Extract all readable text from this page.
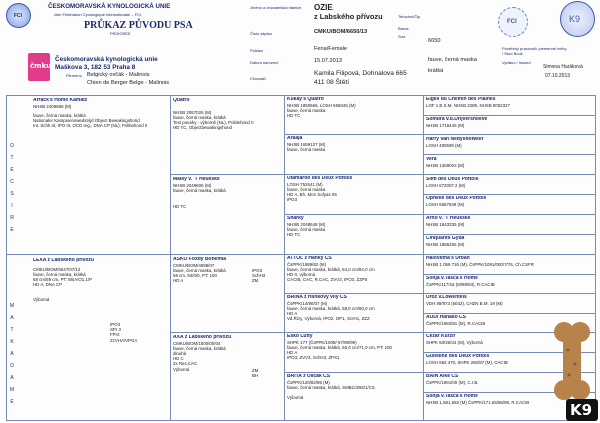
FCI
ČESKOMORAVSKÁ KYNOLOGICKÁ UNIE
člen Fédération Cynologique Internationale – FCI
PRŮKAZ PŮVODU PSA
PEDIGREE
čmku
Českomoravská kynologická unie
Maškova 3, 182 53 Praha 8
Plemeno Belgický ovčák - Malinois
Chien de Berger Belge - Malinois
Jméno a chovatelská stanice	OZIE
z Labského přívozu
Číslo zápisu	CMKU/BOM/6650/13
Pohlaví	Fena/Female
Datum narození	15.07.2013
Chovatel
Kamila Filipová, Dohnalova 665
411 08 Štětí
Tetování/Čip
6650
Barva
fauve, černá maska
Srst
krátká
FCI	K9
Pověřený pracovník plemenné knihy / Stud Book
Vydáno / Issued
Simona Haráková
07.10.2013
O
T
E
C
S
I
R
E
M
A
T
K
A
D
A
M
E
Arrack's Home Kamatz
NHSB 2409696 (M)
fauve, černá maska, krátká
Nationaler Kampioenswedstrijd Object Bewakingshond
Int. Schh.III, IPO III, OCD reg., DNA CP (NL), Politiehond II
Quatro
NHSB 2057025 (M)
fauve, černá maska, krátká
Test povahy - výborně (NL), Politiehond II
HD TC, Objectbewakingshond
Maiky v. 'T Heukske
NHSB 2049606 (M)
fauve, černá maska, krátká

HD TC
Kukay's Quatro
NHSB 1850566, LOSH 655046 (M)
fauve, černá maska
HD TC
Araaja
NHSB 1659127 (M)
fauve, černá maska
Utamaroo des Deux Pottois
LOSH 752641 (M)
fauve, černá maska
HD A, Bh, Mon Sofyas 05
IPO3
Sharky
NHSB 2048648 (M)
fauve, černá maska
HD TC
Elges du Chemin des Plaines
LOF 1 B.S.M. NHSB 2289, NHSB 8002327
Sombra v.d.Drijvershoeve
NHSB 1716445 (M)
Harry van Nedyshofwolf
LOSH 480599 (M)
Vera
NHSB 1369003 (M)
Slim des Deux Pottois
LOSH 672007 2 (M)
Ophelie des Deux Pottois
LOSH 6557848 (M)
Arno v. 'T Heukske
NHSB 1843335 (M)
Cinquants Gyba
NHSB 1865265 (M)
LEXA z Labského přívozu
CMKU/BOM/5547/07/12
fauve, černá maska, krátká
58 cm/59 cm, PT: 86/A/O1,1/P
HD A, DNA CP
Výborná
IPO3
SPr 3
FPr2
ZzVHA/VPGA
ASKO Foxdy Bohemia
CMKU/BOM/4998/07
fauve, černá maska, krátká
59 cm, 84/0/0, PT: 100
HD A
IPO3
SchH3
ZM
AXA z Labského přívozu
CMKU/BOM/1500/00/04
fauve, černá maska, krátká
dlouhá
HD C
2x Res.CAC
Výborná	ZM
BH
ATTOL z Hanky CS
ČsPPK/1989/82 (M)
fauve, černá maska, krátká, 64,0 cm/84,0 cm
HD 0, výborná
CACIB, CAC, R.CAC, ZVV3, IPO3, ZZP5
BRINA z Hlinkovy vily CS
ČsPPK/14/90/07 (M)
fauve, černá maska, krátká, 58,0 cm/60,0 cm
HD A
Vd.Řízy, Výborná, IPO2, OP1, ScrH1, ZZZ
Esko Lufty
SHPK 177 (ČsPPK/1009/-97/99/99)
fauve, černá maska, krátká, 65,0 cm/71,0 cm, PT: 100
HD A
IPO3, ZVV3, SchH3, ZPS1
BRITA z Uličák CS
ČsPPK/120/82/96 (M)
fauve, černá maska, krátká, SMB1/3/65/1/CS

Výborná
Halovetha's Urban
NHSB 1 059 726 (M), ČsPPK/1091/000/7/76, Ch.CSFR
Sonja v.Tasca's Home
ČsPPK/117/16 (M/89/93), R.CACIB
Uroz v.Lowenfels
VDH 89/973 (6042), CHZN B.M. 19 (M)
AUDI Hanako CS
ČsPPK/1992/81 (M), R.CACIB
Cezar Kurzir
SHPK 60/36/34 (M), Výborná
Guiebine des Deux Pottois
LOSH 683 470, SHPK 250/87 (M), CACIB
BAIN Alke CS
ČsPPK/1991/00 (M), C.I.B.
Sonja v.Tasca's Home
NHSB 1,581,583 (M) ČsPPK/171,65/86/89, R.CACIB	K9
